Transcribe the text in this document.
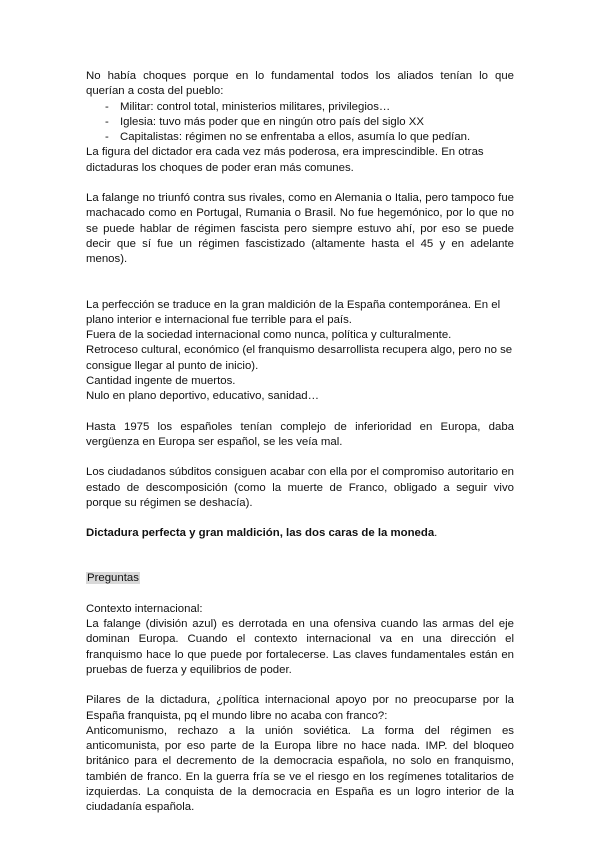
No había choques porque en lo fundamental todos los aliados tenían lo que

querían a costa del pueblo:

- Militar: control total, ministerios militares, privilegios…
- Iglesia: tuvo más poder que en ningún otro país del siglo XX
- Capitalistas: régimen no se enfrentaba a ellos, asumía lo que pedían.

La figura del dictador era cada vez más poderosa, era imprescindible. En otras dictaduras los choques de poder eran más comunes.

La falange no triunfó contra sus rivales, como en Alemania o Italia, pero tampoco fue machacado como en Portugal, Rumania o Brasil. No fue hegemónico, por lo que no se puede hablar de régimen fascista pero siempre estuvo ahí, por eso se puede decir que sí fue un régimen fascistizado (altamente hasta el 45 y en adelante menos).

La perfección se traduce en la gran maldición de la España contemporánea. En el plano interior e internacional fue terrible para el país.

Fuera de la sociedad internacional como nunca, política y culturalmente.

Retroceso cultural, económico (el franquismo desarrollista recupera algo, pero no se consigue llegar al punto de inicio).

Cantidad ingente de muertos.

Nulo en plano deportivo, educativo, sanidad…

Hasta 1975 los españoles tenían complejo de inferioridad en Europa, daba vergüenza en Europa ser español, se les veía mal.

Los ciudadanos súbditos consiguen acabar con ella por el compromiso autoritario en estado de descomposición (como la muerte de Franco, obligado a seguir vivo porque su régimen se deshacía).

Dictadura perfecta y gran maldición, las dos caras de la moneda.

Preguntas

Contexto internacional:

La falange (división azul) es derrotada en una ofensiva cuando las armas del eje dominan Europa. Cuando el contexto internacional va en una dirección el franquismo hace lo que puede por fortalecerse. Las claves fundamentales están en pruebas de fuerza y equilibrios de poder.

Pilares de la dictadura, ¿política internacional apoyo por no preocuparse por la España franquista, pq el mundo libre no acaba con franco?:

Anticomunismo, rechazo a la unión soviética. La forma del régimen es anticomunista, por eso parte de la Europa libre no hace nada. IMP. del bloqueo británico para el decremento de la democracia española, no solo en franquismo, también de franco. En la guerra fría se ve el riesgo en los regímenes totalitarios de izquierdas. La conquista de la democracia en España es un logro interior de la ciudadanía española.
